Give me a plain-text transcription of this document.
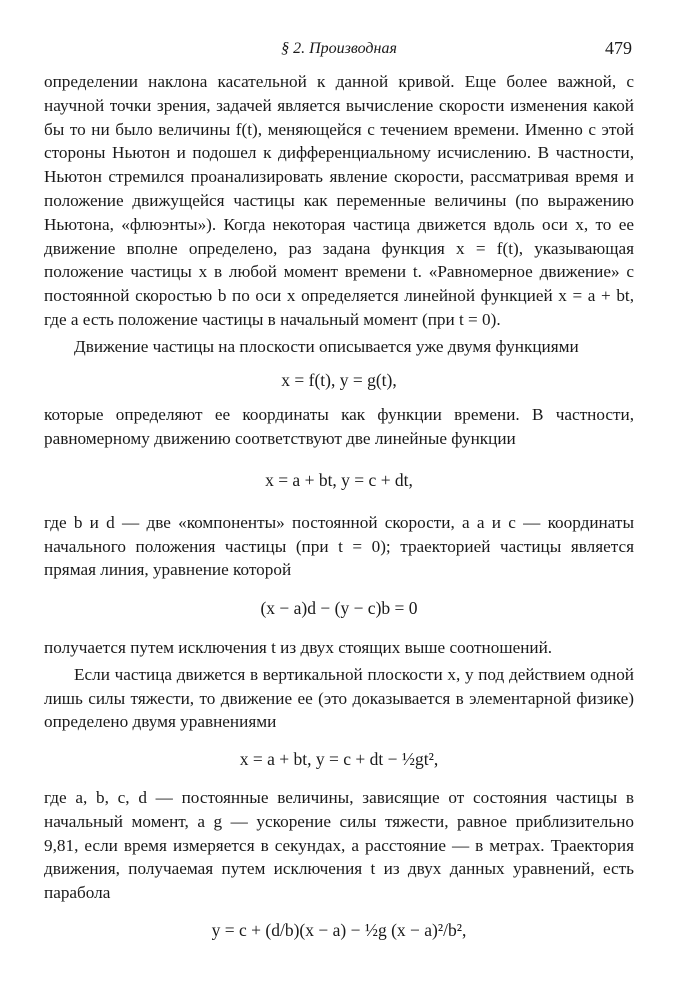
§ 2. Производная	479

определении наклона касательной к данной кривой. Еще более важной, с научной точки зрения, задачей является вычисление скорости изменения какой бы то ни было величины f(t), меняющейся с течением времени. Именно с этой стороны Ньютон и подошел к дифференциальному исчислению. В частности, Ньютон стремился проанализировать явление скорости, рассматривая время и положение движущейся частицы как переменные величины (по выражению Ньютона, «флюэнты»). Когда некоторая частица движется вдоль оси x, то ее движение вполне определено, раз задана функция x = f(t), указывающая положение частицы x в любой момент времени t. «Равномерное движение» с постоянной скоростью b по оси x определяется линейной функцией x = a + bt, где a есть положение частицы в начальный момент (при t = 0).

Движение частицы на плоскости описывается уже двумя функциями

x = f(t), y = g(t),

которые определяют ее координаты как функции времени. В частности, равномерному движению соответствуют две линейные функции

x = a + bt, y = c + dt,

где b и d — две «компоненты» постоянной скорости, a a и c — координаты начального положения частицы (при t = 0); траекторией частицы является прямая линия, уравнение которой

(x − a)d − (y − c)b = 0

получается путем исключения t из двух стоящих выше соотношений.

Если частица движется в вертикальной плоскости x, y под действием одной лишь силы тяжести, то движение ее (это доказывается в элементарной физике) определено двумя уравнениями

x = a + bt, y = c + dt − ½gt²,

где a, b, c, d — постоянные величины, зависящие от состояния частицы в начальный момент, a g — ускорение силы тяжести, равное приблизительно 9,81, если время измеряется в секундах, а расстояние — в метрах. Траектория движения, получаемая путем исключения t из двух данных уравнений, есть парабола

y = c + (d/b)(x − a) − ½g (x − a)²/b²,
